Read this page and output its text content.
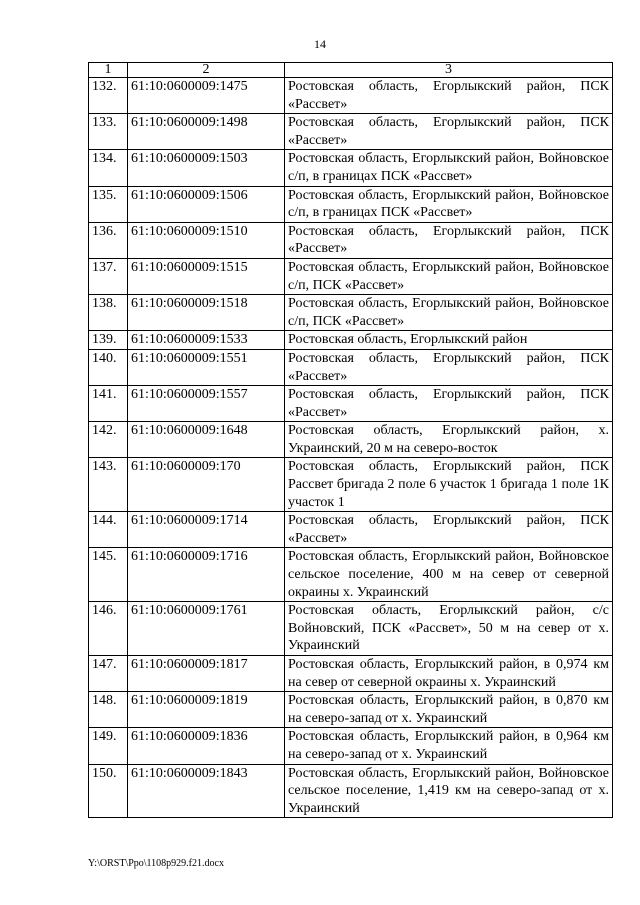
14
1	2	3
132.	61:10:0600009:1475	Ростовская область, Егорлыкский район, ПСК «Рассвет»
133.	61:10:0600009:1498	Ростовская область, Егорлыкский район, ПСК «Рассвет»
134.	61:10:0600009:1503	Ростовская область, Егорлыкский район, Войновское с/п, в границах ПСК «Рассвет»
135.	61:10:0600009:1506	Ростовская область, Егорлыкский район, Войновское с/п, в границах ПСК «Рассвет»
136.	61:10:0600009:1510	Ростовская область, Егорлыкский район, ПСК «Рассвет»
137.	61:10:0600009:1515	Ростовская область, Егорлыкский район, Войновское с/п, ПСК «Рассвет»
138.	61:10:0600009:1518	Ростовская область, Егорлыкский район, Войновское с/п, ПСК «Рассвет»
139.	61:10:0600009:1533	Ростовская область, Егорлыкский район
140.	61:10:0600009:1551	Ростовская область, Егорлыкский район, ПСК «Рассвет»
141.	61:10:0600009:1557	Ростовская область, Егорлыкский район, ПСК «Рассвет»
142.	61:10:0600009:1648	Ростовская область, Егорлыкский район, х. Украинский, 20 м на северо-восток
143.	61:10:0600009:170	Ростовская область, Егорлыкский район, ПСК Рассвет бригада 2 поле 6 участок 1 бригада 1 поле 1К участок 1
144.	61:10:0600009:1714	Ростовская область, Егорлыкский район, ПСК «Рассвет»
145.	61:10:0600009:1716	Ростовская область, Егорлыкский район, Войновское сельское поселение, 400 м на север от северной окраины х. Украинский
146.	61:10:0600009:1761	Ростовская область, Егорлыкский район, с/с Войновский, ПСК «Рассвет», 50 м на север от х. Украинский
147.	61:10:0600009:1817	Ростовская область, Егорлыкский район, в 0,974 км на север от северной окраины х. Украинский
148.	61:10:0600009:1819	Ростовская область, Егорлыкский район, в 0,870 км на северо-запад от х. Украинский
149.	61:10:0600009:1836	Ростовская область, Егорлыкский район, в 0,964 км на северо-запад от х. Украинский
150.	61:10:0600009:1843	Ростовская область, Егорлыкский район, Войновское сельское поселение, 1,419 км на северо-запад от х. Украинский
Y:\ORST\Ppo\1108p929.f21.docx
